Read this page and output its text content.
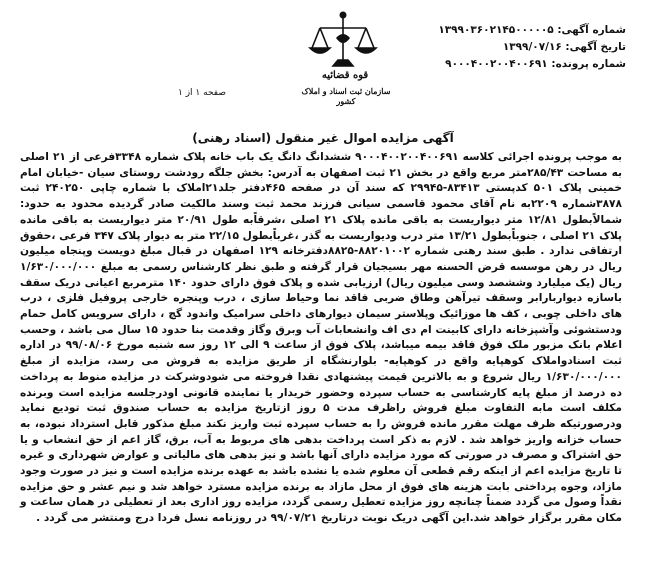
شماره آگهی: ۱۳۹۹۰۳۶۰۲۱۴۵۰۰۰۰۰۵
تاریخ آگهی: ۱۳۹۹/۰۷/۱۶
شماره پرونده: ۹۰۰۰۴۰۰۲۰۰۴۰۰۶۹۱
قوه قضائیه
سازمان ثبت اسناد و املاک کشور
صفحه ۱ از ۱
آگهی مزایده اموال غیر منقول (اسناد رهنی)
به موجب پرونده اجرائی کلاسه ۹۰۰۰۴۰۰۲۰۰۴۰۰۶۹۱ ششدانگ دانگ یک باب خانه پلاک شماره ۳۳۴۸فرعی از ۲۱ اصلی به مساحت ۲۸۵/۴۳متر مربع واقع در بخش ۲۱ ثبت اصفهان به آدرس: بخش جلگه رودشت روستای سیان -خیابان امام خمینی پلاک ۵۰۱ کدپستی ۸۳۴۱۳-۲۹۹۴۵ که سند آن در صفحه ۴۶۵دفتر جلد۲۱املاک با شماره چاپی ۲۴۰۲۵۰ ثبت ۳۸۷۸شماره ۲۲۰۹به نام آقای محمود قاسمی سیانی فرزند محمد ثبت وسند مالکیت صادر گردیده محدود به حدود: شمالاًبطول ۱۲/۸۱ متر دیواریست به باقی مانده پلاک ۲۱ اصلی ،شرقاًبه طول ۲۰/۹۱ متر دیواریست به باقی مانده پلاک ۲۱ اصلی ، جنوباًبطول ۱۳/۲۱ متر درب ودیواریست به گذر ،غرباًبطول ۲۲/۱۵ متر به دیوار پلاک ۳۴۷ فرعی ،حقوق ارتفاقی ندارد . طبق سند رهنی شماره ۸۸۲۰۱۰۰۲-۸۸۲۵دفترخانه ۱۲۹ اصفهان در قبال مبلغ دویست وپنجاه میلیون ریال در رهن موسسه قرض الحسنه مهر بسیجیان قرار گرفته و طبق نظر کارشناس رسمی به مبلغ ۱/۶۳۰/۰۰۰/۰۰۰ ریال (یک میلیارد وششصد وسی میلیون ریال) ارزیابی شده و پلاک فوق دارای حدود ۱۴۰ مترمربع اعیانی دریک سقف باسازه دیواربارابر وسقف تیرآهن وطاق ضربی فاقد نما وحیاط سازی ، درب وپنجره خارجی پروفیل فلزی ، درب های داخلی چوبی ، کف ها موزائیک وپلاستر سیمان دیوارهای داخلی سرامیک واندود گچ ، دارای سرویس کامل حمام ودستشوئی وآشپزخانه دارای کابینت ام دی اف وانشعابات آب وبرق وگاز وقدمت بنا حدود ۱۵ سال می باشد ، وحسب اعلام بانک مزبور ملک فوق فاقد بیمه میباشد، پلاک فوق از ساعت ۹ الی ۱۲ روز سه شنبه مورخ ۹۹/۰۸/۰۶ در اداره ثبت اسنادواملاک کوهپایه واقع در کوهپایه- بلوارنشگاه از طریق مزایده به فروش می رسد، مزایده از مبلغ ۱/۶۳۰/۰۰۰/۰۰۰ ریال شروع و به بالاترین قیمت پیشنهادی نقدا فروخته می شودوشرکت در مزایده منوط به پرداخت ده درصد از مبلغ پایه کارشناسی به حساب سپرده وحضور خریدار یا نماینده قانونی اودرجلسه مزایده است وبرنده مکلف است مابه التفاوت مبلغ فروش راظرف مدت ۵ روز ازتاریخ مزایده به حساب صندوق ثبت تودیع نماید ودرصورتیکه ظرف مهلت مقرر مانده فروش را به حساب سپرده ثبت واریز نکند مبلغ مذکور قابل استرداد نبوده، به حساب خزانه واریز خواهد شد . لازم به ذکر است پرداخت بدهی های مربوط به آب، برق، گاز اعم از حق انشعاب و یا حق اشتراک و مصرف در صورتی که مورد مزایده دارای آنها باشد و نیز بدهی های مالیاتی و عوارض شهرداری و غیره تا تاریخ مزایده اعم از اینکه رقم قطعی آن معلوم شده یا نشده باشد به عهده برنده مزایده است و نیز در صورت وجود مازاد، وجوه پرداختی بابت هزینه های فوق از محل مازاد به برنده مزایده مسترد خواهد شد و نیم عشر و حق مزایده نقداً وصول می گردد ضمناً چنانچه روز مزایده تعطیل رسمی گردد، مزایده روز اداری بعد از تعطیلی در همان ساعت و مکان مقرر برگزار خواهد شد.این آگهی دریک نوبت درتاریخ ۹۹/۰۷/۲۱ در روزنامه نسل فردا درج ومنتشر می گردد .
